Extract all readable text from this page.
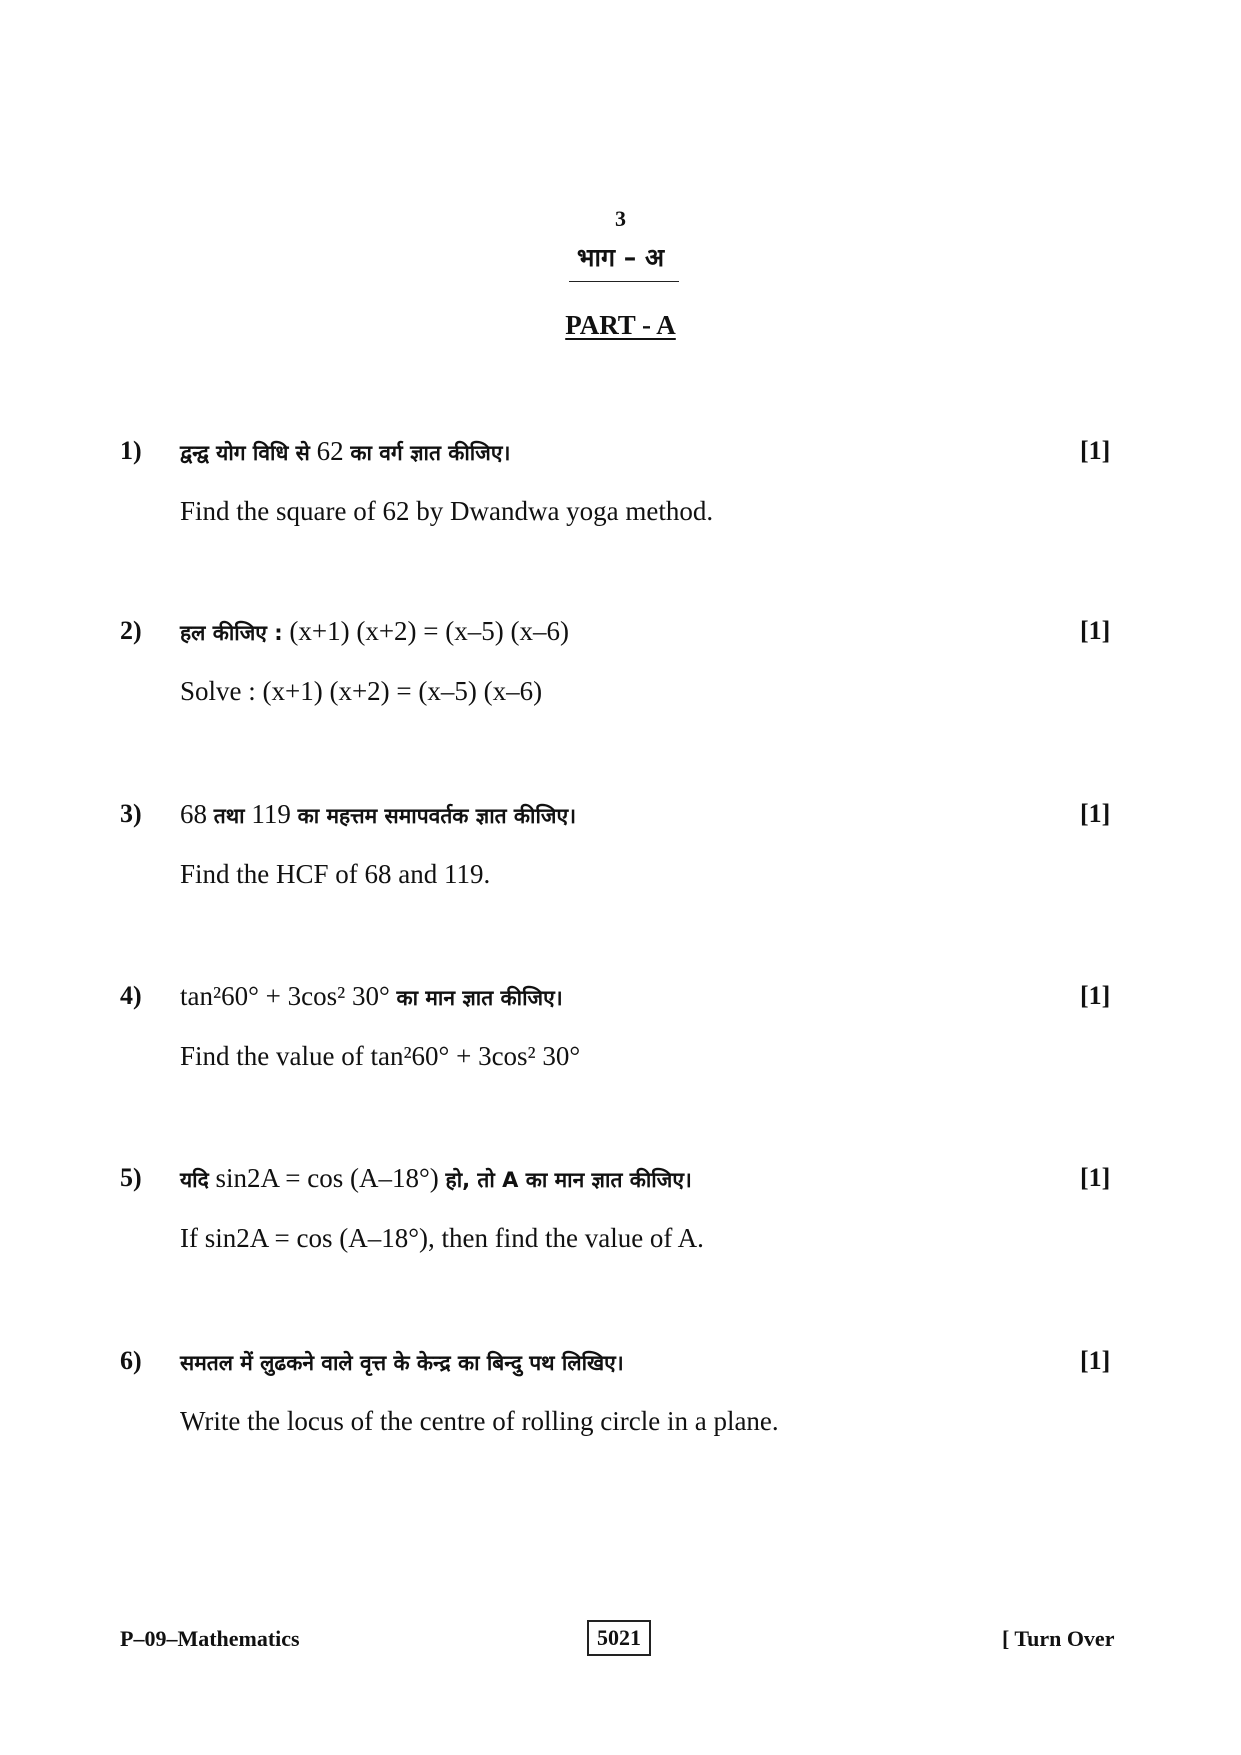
3
भाग – अ
PART - A
1) द्वन्द्व योग विधि से 62 का वर्ग ज्ञात कीजिए।	[1]
Find the square of 62 by Dwandwa yoga method.
2) हल कीजिए : (x+1) (x+2) = (x–5) (x–6)	[1]
Solve : (x+1) (x+2) = (x–5) (x–6)
3) 68 तथा 119 का महत्तम समापवर्तक ज्ञात कीजिए।	[1]
Find the HCF of 68 and 119.
4) tan²60° + 3cos² 30° का मान ज्ञात कीजिए।	[1]
Find the value of tan²60° + 3cos² 30°
5) यदि sin2A = cos (A–18°) हो, तो A का मान ज्ञात कीजिए।	[1]
If sin2A = cos (A–18°), then find the value of A.
6) समतल में लुढकने वाले वृत्त के केन्द्र का बिन्दु पथ लिखिए।	[1]
Write the locus of the centre of rolling circle in a plane.
P–09–Mathematics	5021	[ Turn Over
